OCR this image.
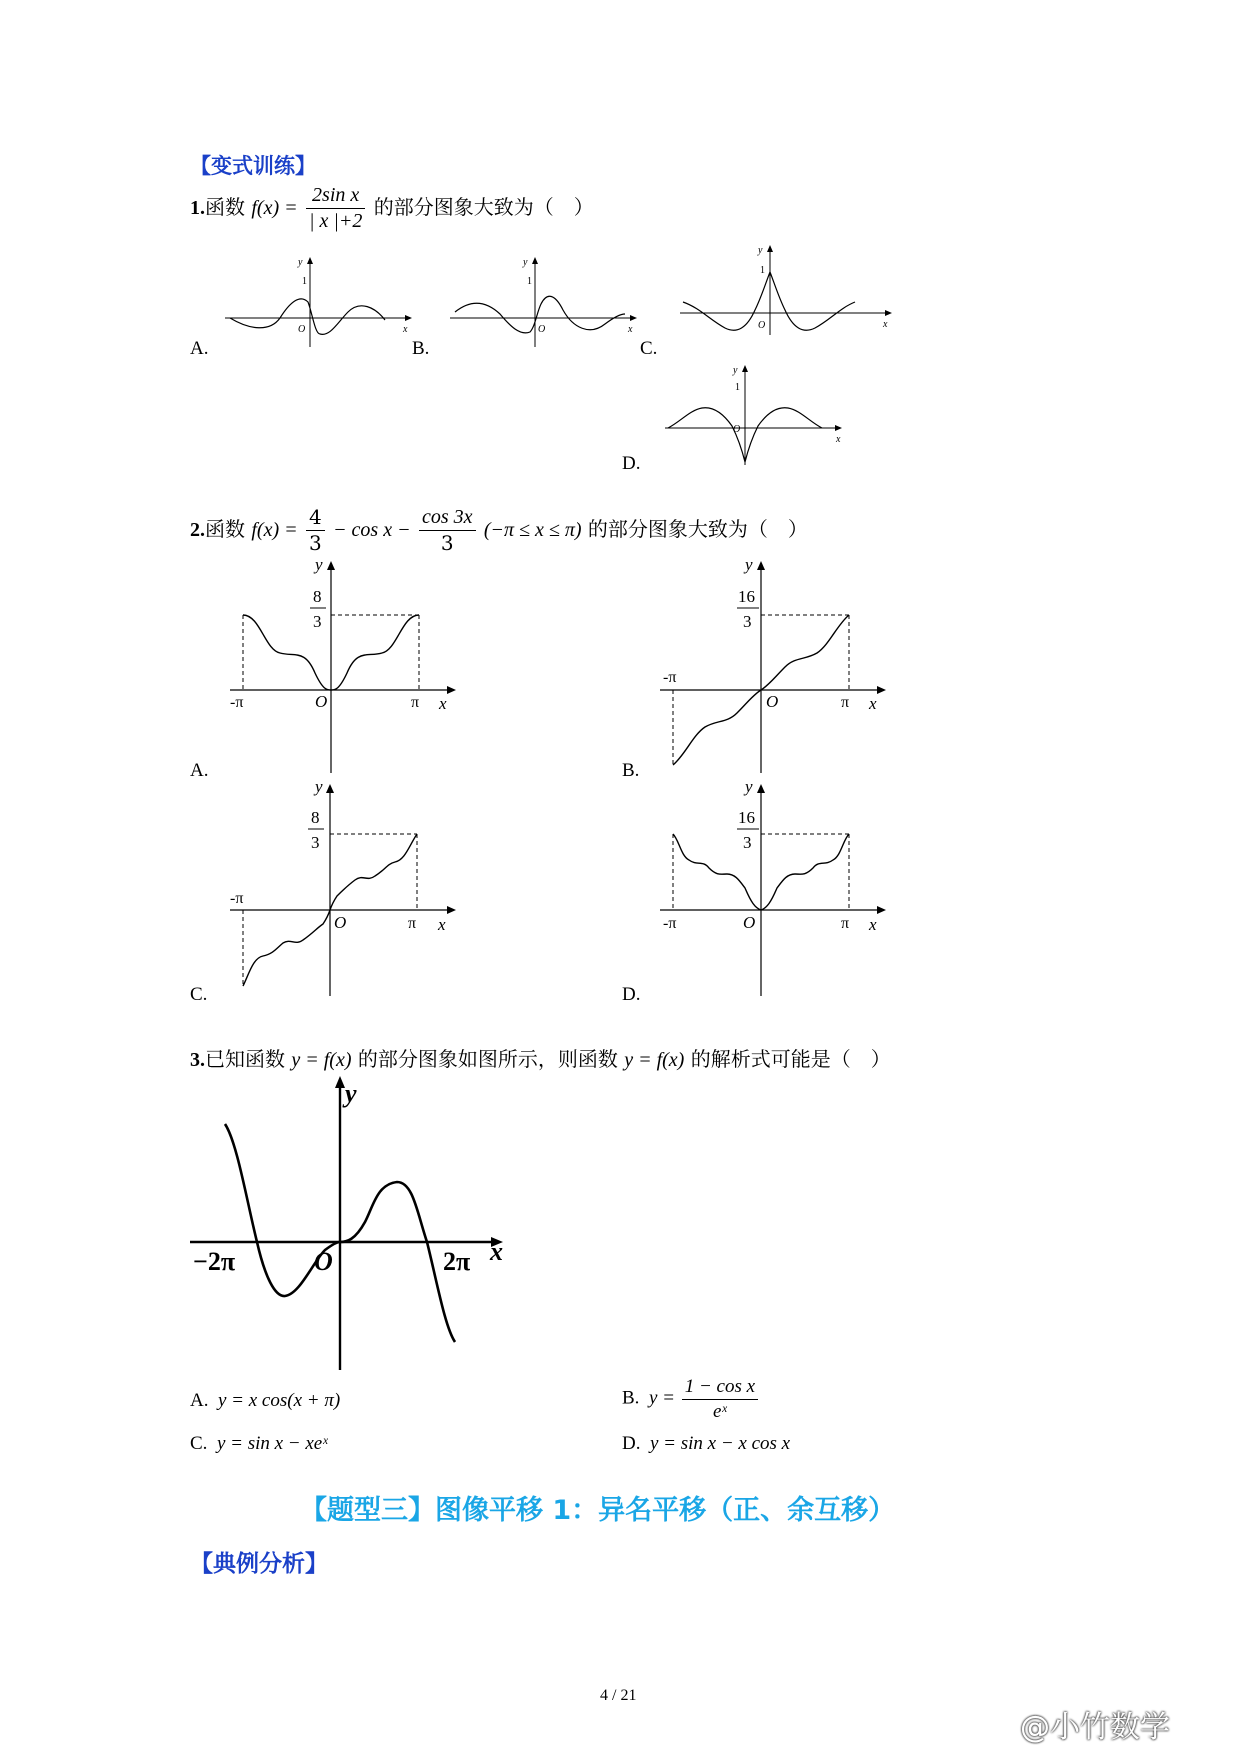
【变式训练】
1.函数 $f(x) = \frac{\text{2sin x}}{| x |+2}$ 的部分图象大致为（　）
y
1
O	x
A.
y
1
O	x
B.
y
1
O	x
C.
y
1
O
x
D.
2.函数 $f(x) = \frac{4}{3} - \cos x - \frac{\cos 3x}{3} (-\pi \le x \le \pi)$ 的部分图象大致为（　）
y
8
3
-π	O	π x
A.
y
16
3
-π
O	π x
B.
y
8
3
-π
O	π x
C.
y
16
3
-π	O	π x
D.
3.已知函数 y = f(x) 的部分图象如图所示，则函数 y = f(x) 的解析式可能是（　）
y
−2π	O	2π x
A. y = x cos(x + π)	B. $y = \frac{\text{1 − cos x}}{\text{eˣ}}$
C. y = sin x − xeˣ	D. y = sin x − x cos x
【题型三】图像平移 1：异名平移（正、余互移）
【典例分析】
4 / 21
@小竹数学
